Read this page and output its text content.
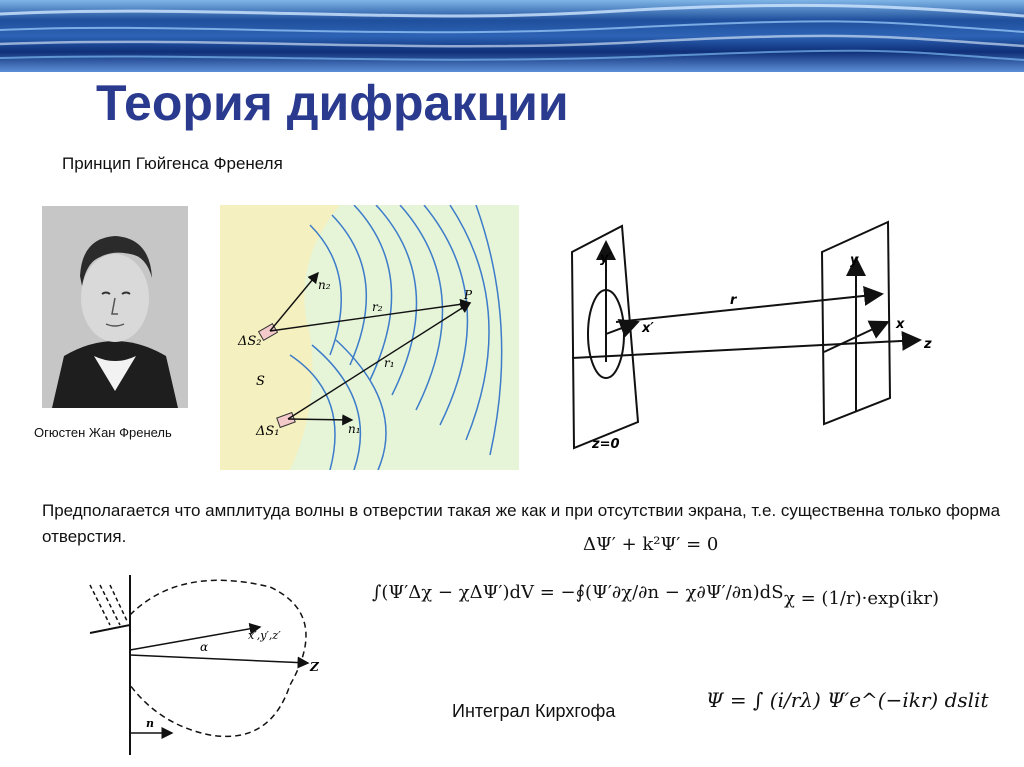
Теория дифракции
Принцип Гюйгенса Френеля
Огюстен Жан Френель
n₂
r₂
P
ΔS₂
S
r₁
ΔS₁	n₁
y′	y
r
x′	x
z
z=0
Предполагается что амплитуда волны в отверстии такая же как и при отсутствии экрана, т.е. существенна только форма отверстия.	ΔΨ′ + k²Ψ′ = 0
∫(Ψ′Δχ − χΔΨ′)dV = −∮(Ψ′∂χ/∂n − χ∂Ψ′/∂n)dS χ = (1/r)·exp(ikr)
α
x′,y′,z′
Z
n
Интеграл Кирхгофа	Ψ = ∫ (i/rλ) Ψ′e^(−ikr) dslit
